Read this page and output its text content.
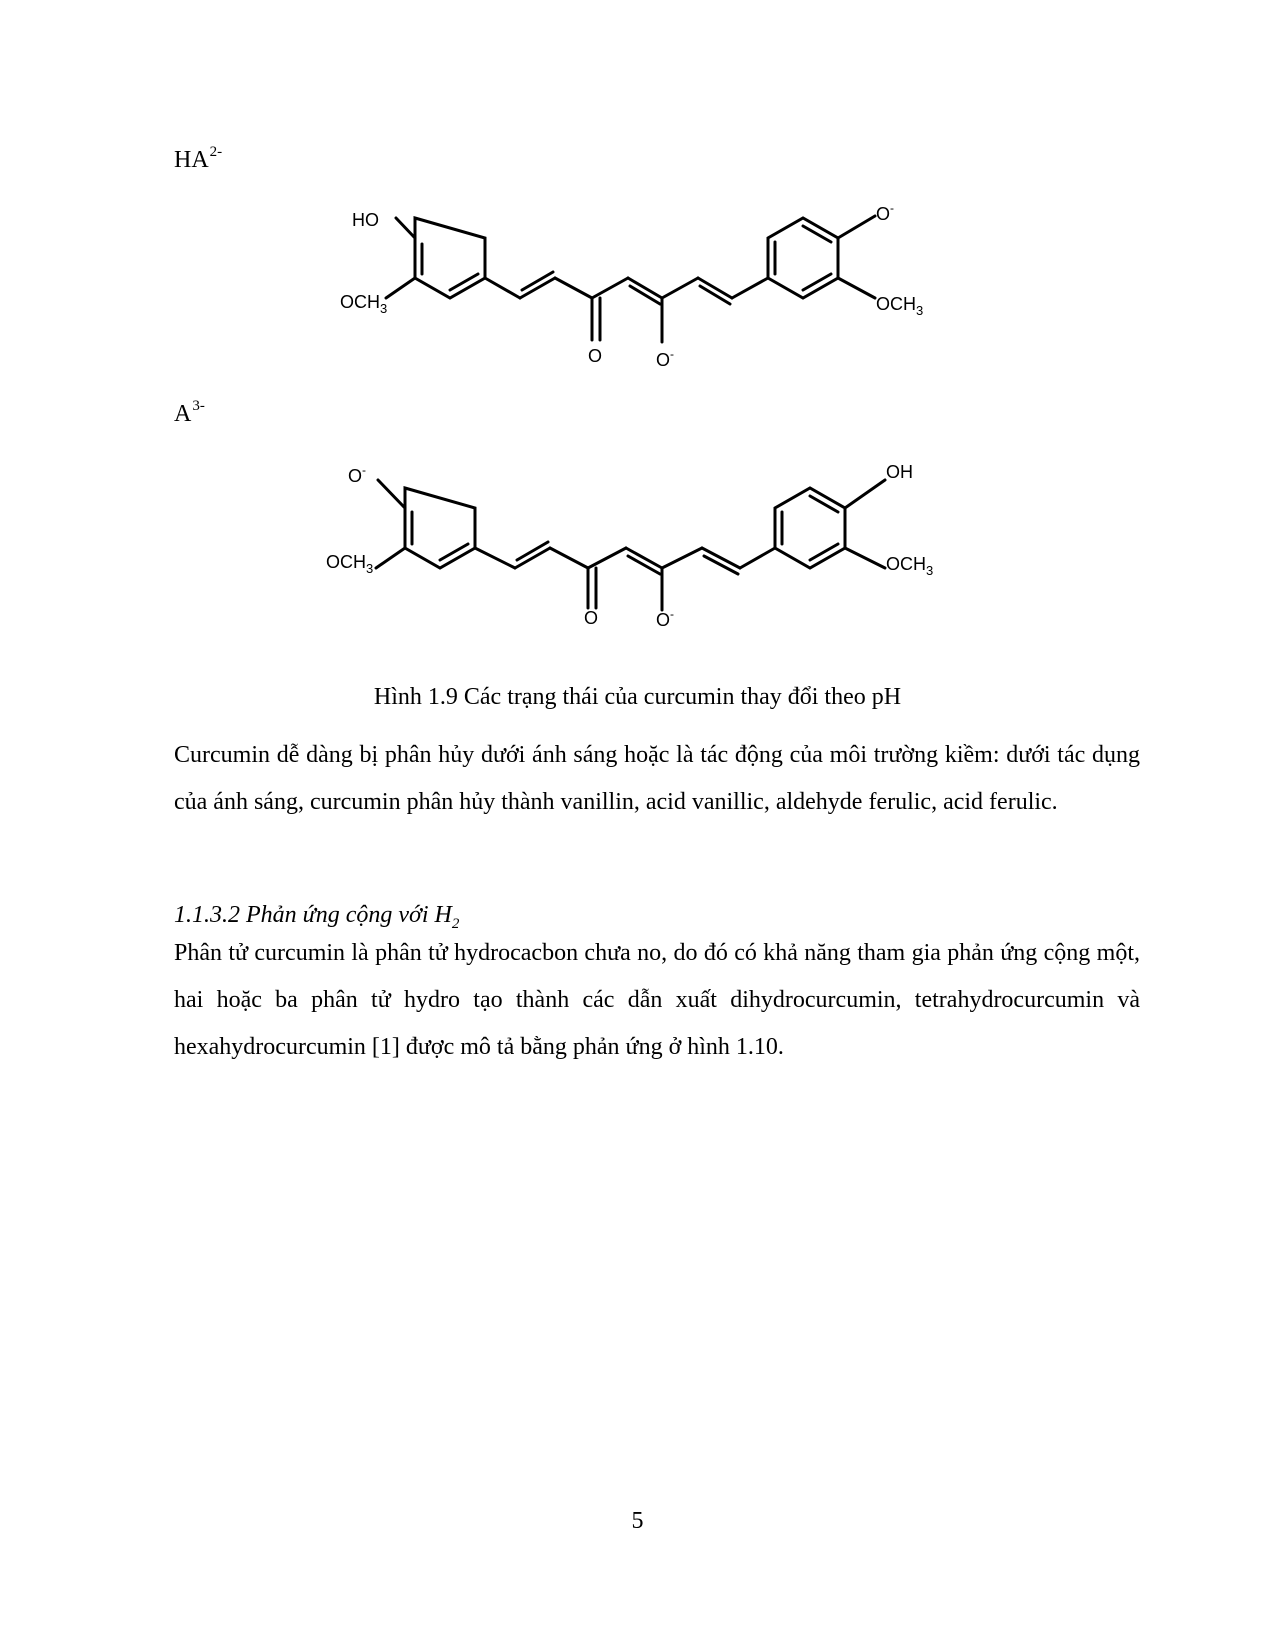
$HA^{2-}$
HO
$OCH_3$
O-
$OCH_3$
O	O-
$A^{3-}$
O-
$OCH_3$
OH
$OCH_3$
O	O-
Hình 1.9 Các trạng thái của curcumin thay đổi theo pH

Curcumin dễ dàng bị phân hủy dưới ánh sáng hoặc là tác động của môi trường kiềm: dưới tác dụng của ánh sáng, curcumin phân hủy thành vanillin, acid vanillic, aldehyde ferulic, acid ferulic.

1.1.3.2 Phản ứng cộng với $H_2$

Phân tử curcumin là phân tử hydrocacbon chưa no, do đó có khả năng tham gia phản ứng cộng một, hai hoặc ba phân tử hydro tạo thành các dẫn xuất dihydrocurcumin, tetrahydrocurcumin và hexahydrocurcumin [1] được mô tả bằng phản ứng ở hình 1.10.

5
